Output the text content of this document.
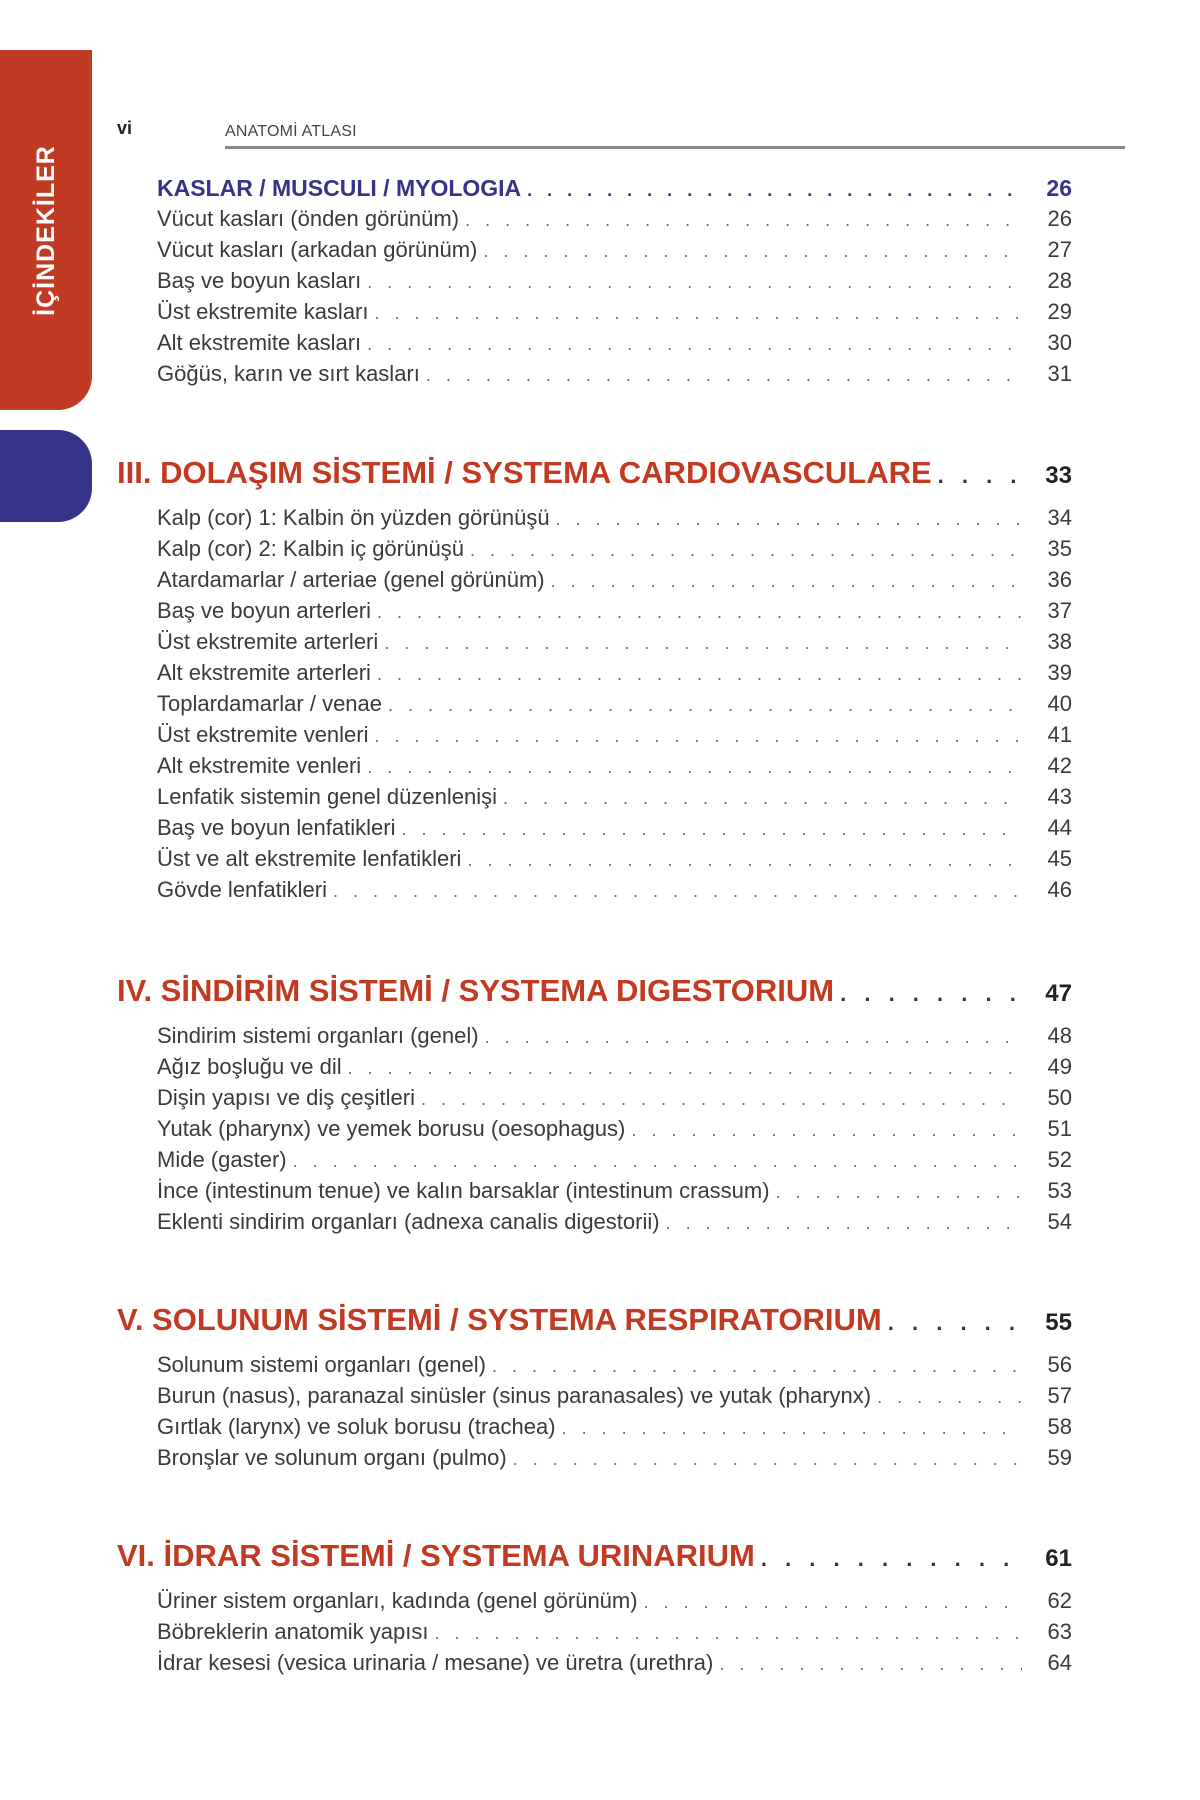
İÇİNDEKİLER
vi	ANATOMİ ATLASI
KASLAR / MUSCULI / MYOLOGIA . . .	26
Vücut kasları (önden görünüm) . . .	26
Vücut kasları (arkadan görünüm) . . .	27
Baş ve boyun kasları . . .	28
Üst ekstremite kasları . . .	29
Alt ekstremite kasları . . .	30
Göğüs, karın ve sırt kasları . . .	31
III. DOLAŞIM SİSTEMİ / SYSTEMA CARDIOVASCULARE . . .	33
Kalp (cor) 1: Kalbin ön yüzden görünüşü . . .	34
Kalp (cor) 2: Kalbin iç görünüşü . . .	35
Atardamarlar / arteriae (genel görünüm) . . .	36
Baş ve boyun arterleri . . .	37
Üst ekstremite arterleri . . .	38
Alt ekstremite arterleri . . .	39
Toplardamarlar / venae . . .	40
Üst ekstremite venleri . . .	41
Alt ekstremite venleri . . .	42
Lenfatik sistemin genel düzenlenişi . . .	43
Baş ve boyun lenfatikleri . . .	44
Üst ve alt ekstremite lenfatikleri . . .	45
Gövde lenfatikleri . . .	46
IV. SİNDİRİM SİSTEMİ / SYSTEMA DIGESTORIUM . . .	47
Sindirim sistemi organları (genel) . . .	48
Ağız boşluğu ve dil . . .	49
Dişin yapısı ve diş çeşitleri . . .	50
Yutak (pharynx) ve yemek borusu (oesophagus) . . .	51
Mide (gaster) . . .	52
İnce (intestinum tenue) ve kalın barsaklar (intestinum crassum) . . .	53
Eklenti sindirim organları (adnexa canalis digestorii) . . .	54
V. SOLUNUM SİSTEMİ / SYSTEMA RESPIRATORIUM . . .	55
Solunum sistemi organları (genel) . . .	56
Burun (nasus), paranazal sinüsler (sinus paranasales) ve yutak (pharynx) . . .	57
Gırtlak (larynx) ve soluk borusu (trachea) . . .	58
Bronşlar ve solunum organı (pulmo) . . .	59
VI. İDRAR SİSTEMİ / SYSTEMA URINARIUM . . .	61
Üriner sistem organları, kadında (genel görünüm) . . .	62
Böbreklerin anatomik yapısı . . .	63
İdrar kesesi (vesica urinaria / mesane) ve üretra (urethra) . . .	64
